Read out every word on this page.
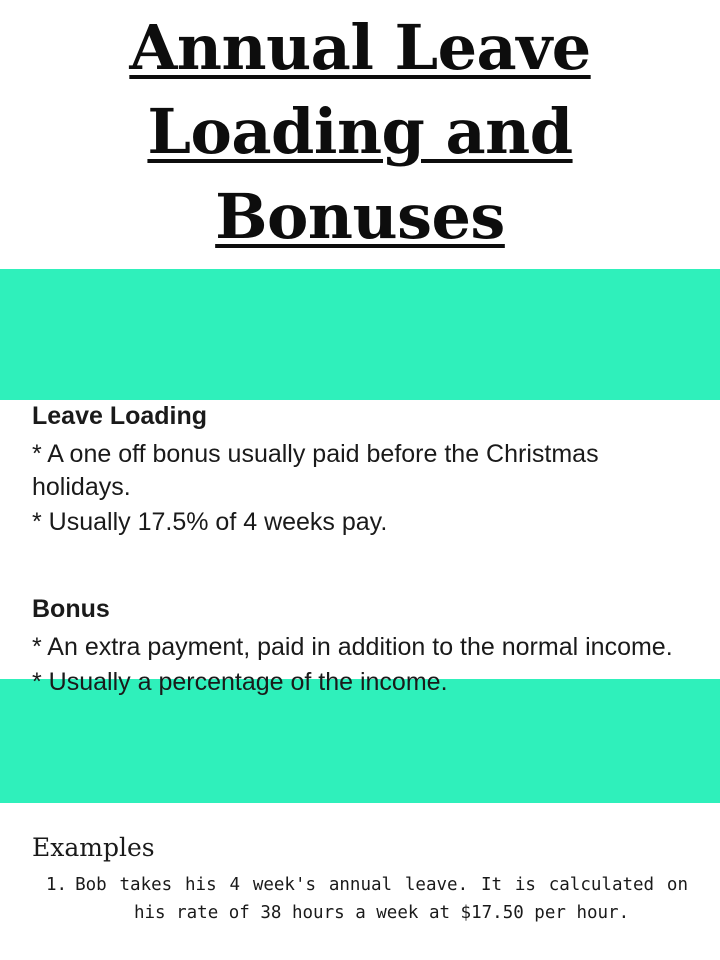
Annual Leave
Loading and
Bonuses

Leave Loading

* A one off bonus usually paid before the Christmas holidays.

* Usually 17.5% of 4 weeks pay.

Bonus

* An extra payment, paid in addition to the normal income.

* Usually a percentage of the income.

Examples

1. Bob takes his 4 week's annual leave. It is calculated on his rate of 38 hours a week at $17.50 per hour.
